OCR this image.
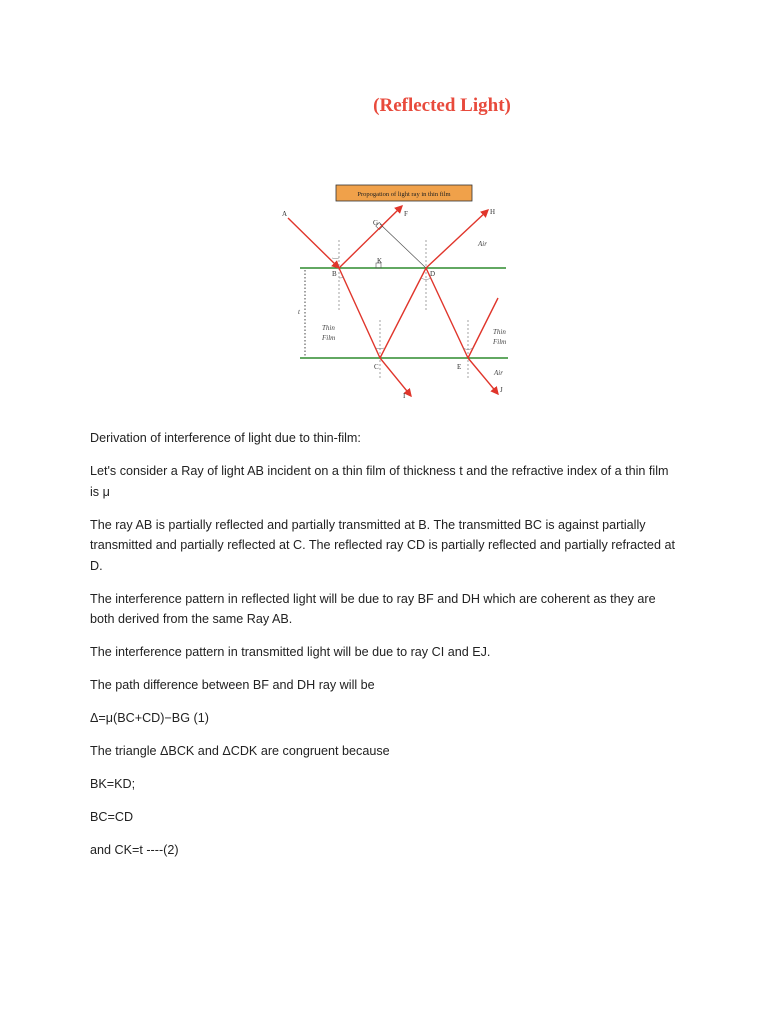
(Reflected Light)
Propogation of light ray in thin film
t
A
B
C
D
E
F
G
H
I
J
K
Thin
Film
Thin
Film
Air
Air

Derivation of interference of light due to thin-film:

Let's consider a Ray of light AB incident on a thin film of thickness t and the refractive index of a thin film is μ

The ray AB is partially reflected and partially transmitted at B. The transmitted BC is against partially transmitted and partially reflected at C. The reflected ray CD is partially reflected and partially refracted at D.

The interference pattern in reflected light will be due to ray BF and DH which are coherent as they are both derived from the same Ray AB.

The interference pattern in transmitted light will be due to ray CI and EJ.

The path difference between BF and DH ray will be

Δ=μ(BC+CD)−BG (1)

The triangle ΔBCK and ΔCDK are congruent because

BK=KD;

BC=CD

and CK=t ----(2)
